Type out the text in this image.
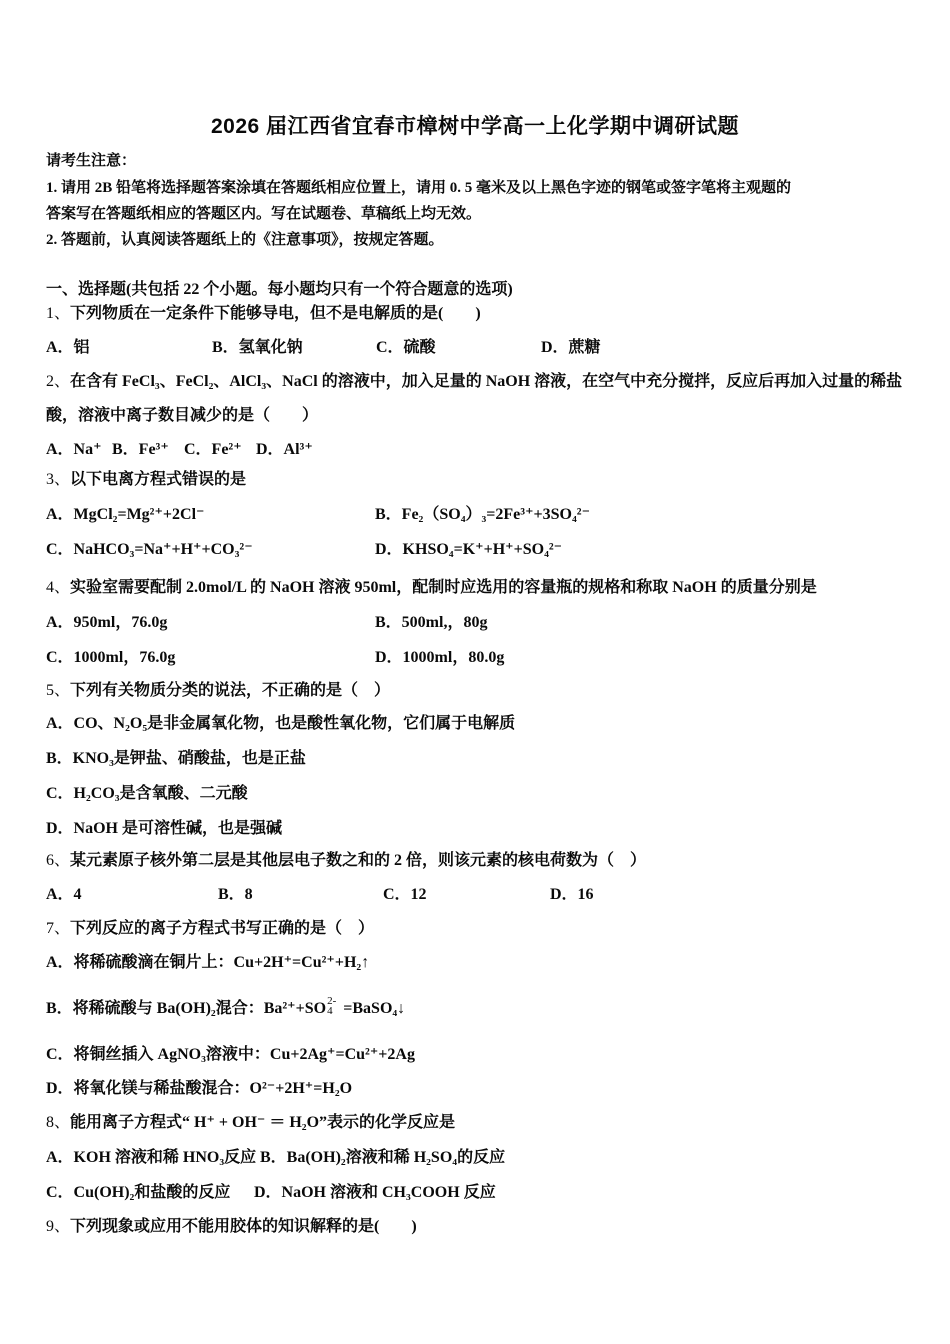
2026 届江西省宜春市樟树中学高一上化学期中调研试题
请考生注意：
1. 请用 2B 铅笔将选择题答案涂填在答题纸相应位置上，请用 0. 5 毫米及以上黑色字迹的钢笔或签字笔将主观题的
答案写在答题纸相应的答题区内。写在试题卷、草稿纸上均无效。
2. 答题前，认真阅读答题纸上的《注意事项》，按规定答题。
一、选择题(共包括 22 个小题。每小题均只有一个符合题意的选项)
1、下列物质在一定条件下能够导电，但不是电解质的是(　　)

A．铝

	B．氢氧化钠

	C．硫酸

	D．蔗糖

2、在含有 FeCl₃、FeCl₂、AlCl₃、NaCl 的溶液中，加入足量的 NaOH 溶液，在空气中充分搅拌，反应后再加入过量的稀盐
酸，溶液中离子数目减少的是（　　）

A．Na⁺

B．Fe³⁺

C．Fe²⁺

D．Al³⁺

3、以下电离方程式错误的是

A．MgCl₂=Mg²⁺+2Cl⁻

	B．Fe₂（SO₄）₃=2Fe³⁺+3SO₄²⁻

C．NaHCO₃=Na⁺+H⁺+CO₃²⁻

	D．KHSO₄=K⁺+H⁺+SO₄²⁻

4、实验室需要配制 2.0mol/L 的 NaOH 溶液 950ml，配制时应选用的容量瓶的规格和称取 NaOH 的质量分别是

A．950ml，76.0g

	B．500ml,，80g

C．1000ml，76.0g

	D．1000ml，80.0g

5、下列有关物质分类的说法，不正确的是（　）
A．CO、N₂O₅是非金属氧化物，也是酸性氧化物，它们属于电解质
B．KNO₃是钾盐、硝酸盐，也是正盐
C．H₂CO₃是含氧酸、二元酸
D．NaOH 是可溶性碱，也是强碱
6、某元素原子核外第二层是其他层电子数之和的 2 倍，则该元素的核电荷数为（　）

A．4

	B．8

	C．12

	D．16

7、下列反应的离子方程式书写正确的是（　）
A．将稀硫酸滴在铜片上：Cu+2H⁺=Cu²⁺+H₂↑
B．将稀硫酸与 Ba(OH)₂混合：Ba²⁺+SO 2-
4 =BaSO₄↓
C．将铜丝插入 AgNO₃溶液中：Cu+2Ag⁺=Cu²⁺+2Ag
D．将氧化镁与稀盐酸混合：O²⁻+2H⁺=H₂O
8、能用离子方程式“ H⁺ + OH⁻ ＝ H₂O”表示的化学反应是

A．KOH 溶液和稀 HNO₃反应

B．Ba(OH)₂溶液和稀 H₂SO₄的反应

C．Cu(OH)₂和盐酸的反应

D．NaOH 溶液和 CH₃COOH 反应

9、下列现象或应用不能用胶体的知识解释的是(　　)
